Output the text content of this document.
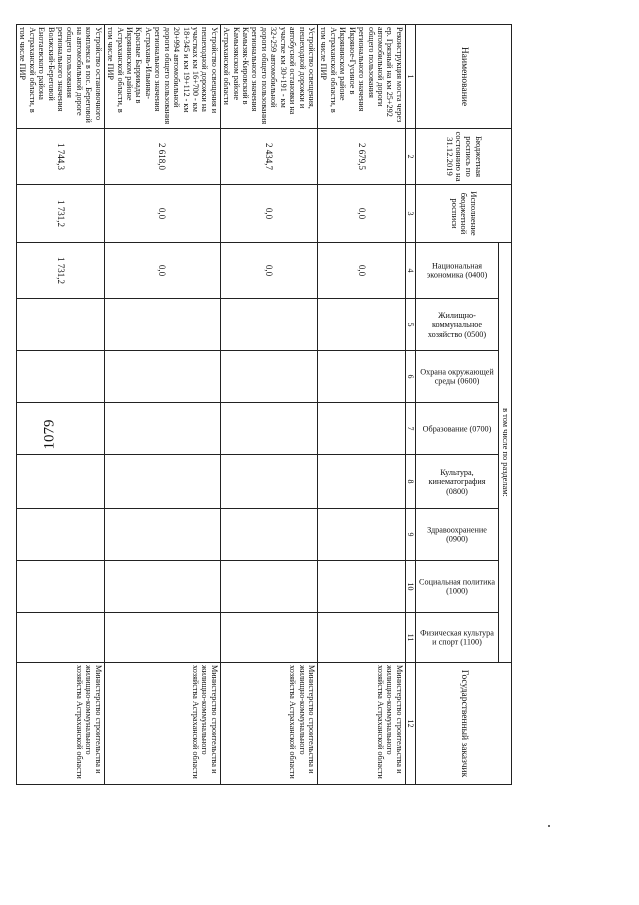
1079
Наименование	Бюджетная роспись по состоянию на 31.12.2019	Исполнение бюджетной росписи	в том числе по разделам:								Государственный заказчик

			Национальная экономика (0400)	Жилищно-коммунальное хозяйство (0500)	Охрана окружающей среды (0600)	Образование (0700)	Культура, кинематография (0800)	Здравоохранение (0900)	Социальная политика (1000)	Физическая культура и спорт (1100)	

1	2	3	4	5	6	7	8	9	10	11	12
Реконструкция моста через ер. Грязный на км 25+292 автомобильной дороги общего пользования регионального значения Икряное-Гусиное в Икрянинском районе Астраханской области, в том числе ПИР	2 679,5	0,0	0,0								Министерство строительства и жилищно-коммунального хозяйства Астраханской области
Устройство освещения, пешеходной дорожки и автобусной остановки на участке км 30+191 - км 32+259 автомобильной дороги общего пользования регионального значения Камызяк-Кировский в Камызякском районе Астраханской области	2 434,7	0,0	0,0								Министерство строительства и жилищно-коммунального хозяйства Астраханской области
Устройство освещения и пешеходной дорожки на участках км 16+700 - км 18+345 и км 19+112 - км 20+994 автомобильной дороги общего пользования регионального значения Астрахань-Ильинка-Красные Баррикады в Икрянинском районе Астраханской области, в том числе ПИР	2 618,0	0,0	0,0								Министерство строительства и жилищно-коммунального хозяйства Астраханской области
Устройство остановочного комплекса в пос. Береговой на автомобильной дороге общего пользования регионального значения Волжский-Береговой Енотаевского района Астраханской области, в том числе ПИР	1 744,3	1 731,2	1 731,2								Министерство строительства и жилищно-коммунального хозяйства Астраханской области
